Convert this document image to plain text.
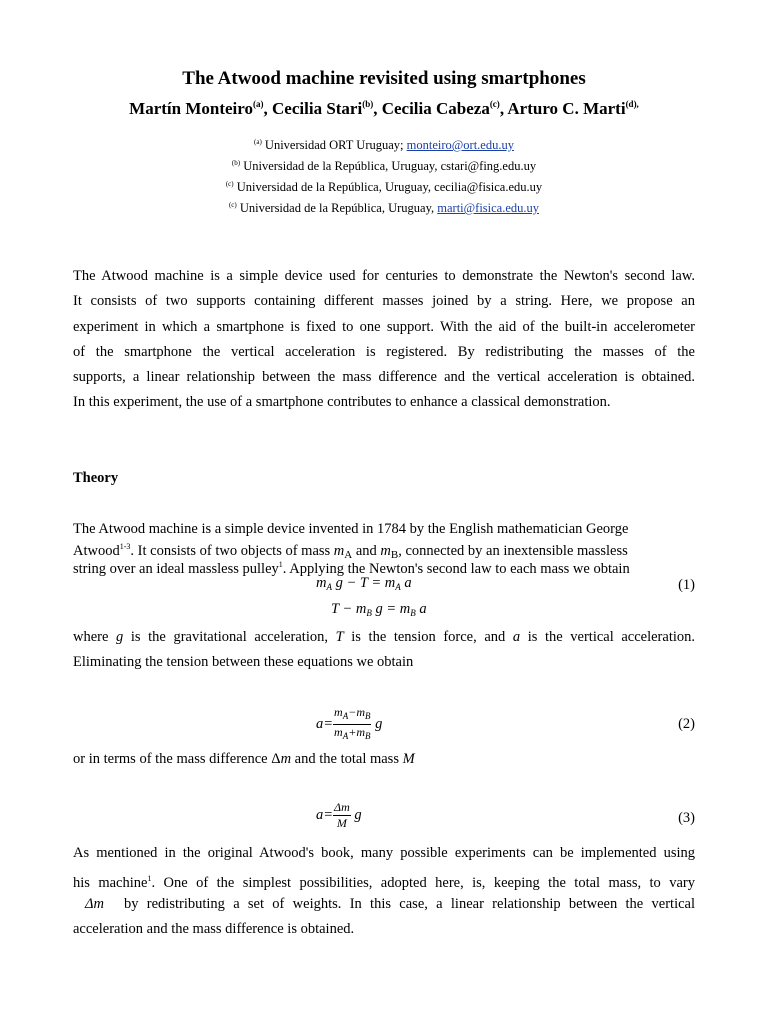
The Atwood machine revisited using smartphones
Martín Monteiro$^{(a)}$, Cecilia Stari$^{(b)}$, Cecilia Cabeza$^{(c)}$, Arturo C. Marti$^{(d),}$
$^{(a)}$ Universidad ORT Uruguay; monteiro@ort.edu.uy
$^{(b)}$ Universidad de la República, Uruguay, cstari@fing.edu.uy
$^{(c)}$ Universidad de la República, Uruguay, cecilia@fisica.edu.uy
$^{(c)}$ Universidad de la República, Uruguay, marti@fisica.edu.uy
The Atwood machine is a simple device used for centuries to demonstrate the Newton's second law.
It consists of two supports containing different masses joined by a string. Here, we propose an
experiment in which a smartphone is fixed to one support. With the aid of the built-in accelerometer
of the smartphone the vertical acceleration is registered. By redistributing the masses of the
supports, a linear relationship between the mass difference and the vertical acceleration is obtained.
In this experiment, the use of a smartphone contributes to enhance a classical demonstration.
Theory
The Atwood machine is a simple device invented in 1784 by the English mathematician George
Atwood$^{1-3}$. It consists of two objects of mass $m_A$ and $m_B$, connected by an inextensible massless
string over an ideal massless pulley$^1$. Applying the Newton's second law to each mass we obtain
$m_A$ $g - T = m_A$ a
$T - m_B$ $g = m_B$ a
(1)
where g is the gravitational acceleration, T is the tension force, and a is the vertical acceleration.
Eliminating the tension between these equations we obtain
$a= \frac{m_A-m_B}{m_A+m_B}$ g	(2)
or in terms of the mass difference Δm and the total mass M
$a= \frac{\Delta m}{M}$ g	(3)
As mentioned in the original Atwood's book, many possible experiments can be implemented using
his machine$^1$. One of the simplest possibilities, adopted here, is, keeping the total mass, to vary
Δm by redistributing a set of weights. In this case, a linear relationship between the vertical
acceleration and the mass difference is obtained.
